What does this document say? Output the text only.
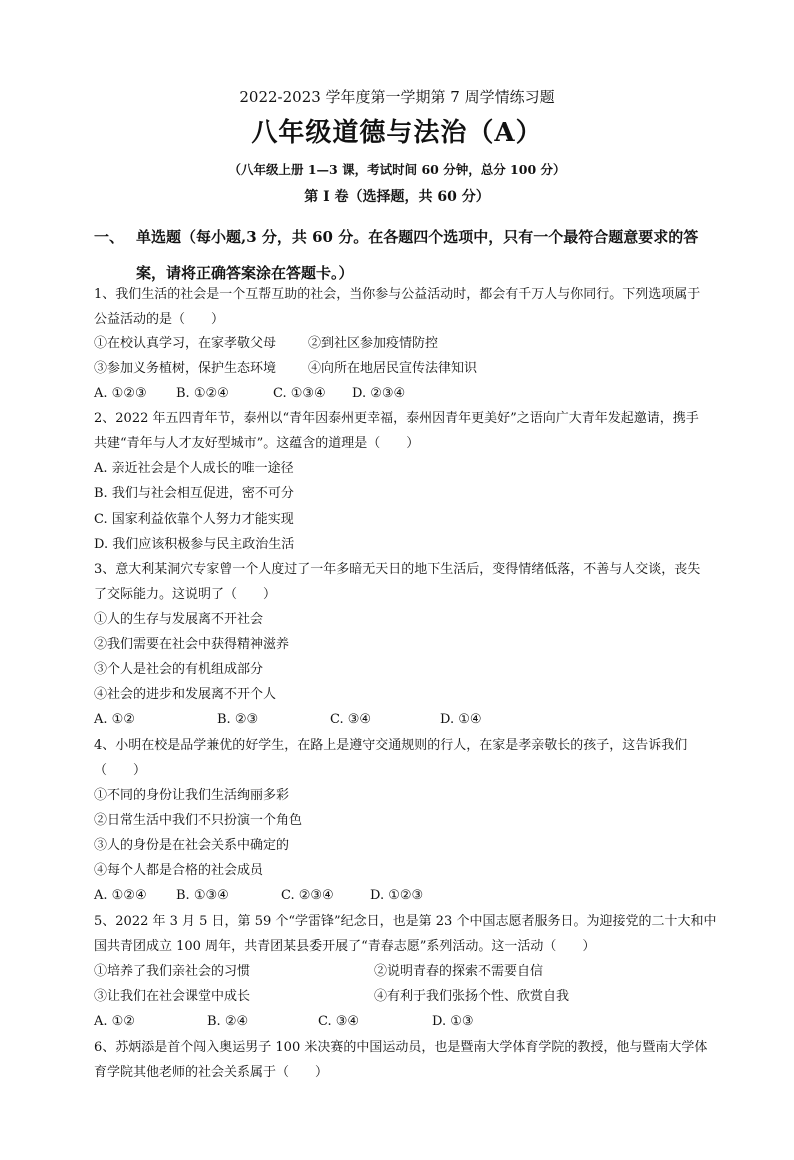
2022-2023 学年度第一学期第 7 周学情练习题
八年级道德与法治（A）
（八年级上册 1—3 课，考试时间 60 分钟，总分 100 分）
第 I 卷（选择题，共 60 分）
一、 单选题（每小题,3 分，共 60 分。在各题四个选项中，只有一个最符合题意要求的答
案，请将正确答案涂在答题卡。）
1、我们生活的社会是一个互帮互助的社会，当你参与公益活动时，都会有千万人与你同行。下列选项属于
公益活动的是（　　）
①在校认真学习，在家孝敬父母 ②到社区参加疫情防控
③参加义务植树，保护生态环境 ④向所在地居民宣传法律知识
A. ①②③ B. ①②④	C. ①③④ D. ②③④
2、2022 年五四青年节，泰州以“青年因泰州更幸福，泰州因青年更美好”之语向广大青年发起邀请，携手
共建“青年与人才友好型城市”。这蕴含的道理是（　　）
A. 亲近社会是个人成长的唯一途径
B. 我们与社会相互促进，密不可分
C. 国家利益依靠个人努力才能实现
D. 我们应该积极参与民主政治生活
3、意大利某洞穴专家曾一个人度过了一年多暗无天日的地下生活后，变得情绪低落，不善与人交谈，丧失
了交际能力。这说明了（　　）
①人的生存与发展离不开社会
②我们需要在社会中获得精神滋养
③个人是社会的有机组成部分
④社会的进步和发展离不开个人
A. ①②	B. ②③	C. ③④	D. ①④
4、小明在校是品学兼优的好学生，在路上是遵守交通规则的行人，在家是孝亲敬长的孩子，这告诉我们
（　　）
①不同的身份让我们生活绚丽多彩
②日常生活中我们不只扮演一个角色
③人的身份是在社会关系中确定的
④每个人都是合格的社会成员
A. ①②④ B. ①③④	C. ②③④	D. ①②③
5、2022 年 3 月 5 日，第 59 个“学雷锋”纪念日，也是第 23 个中国志愿者服务日。为迎接党的二十大和中
国共青团成立 100 周年，共青团某县委开展了“青春志愿”系列活动。这一活动（　　）
①培养了我们亲社会的习惯	②说明青春的探索不需要自信
③让我们在社会课堂中成长	④有利于我们张扬个性、欣赏自我
A. ①②	B. ②④	C. ③④	D. ①③
6、苏炳添是首个闯入奥运男子 100 米决赛的中国运动员，也是暨南大学体育学院的教授，他与暨南大学体
育学院其他老师的社会关系属于（　　）
